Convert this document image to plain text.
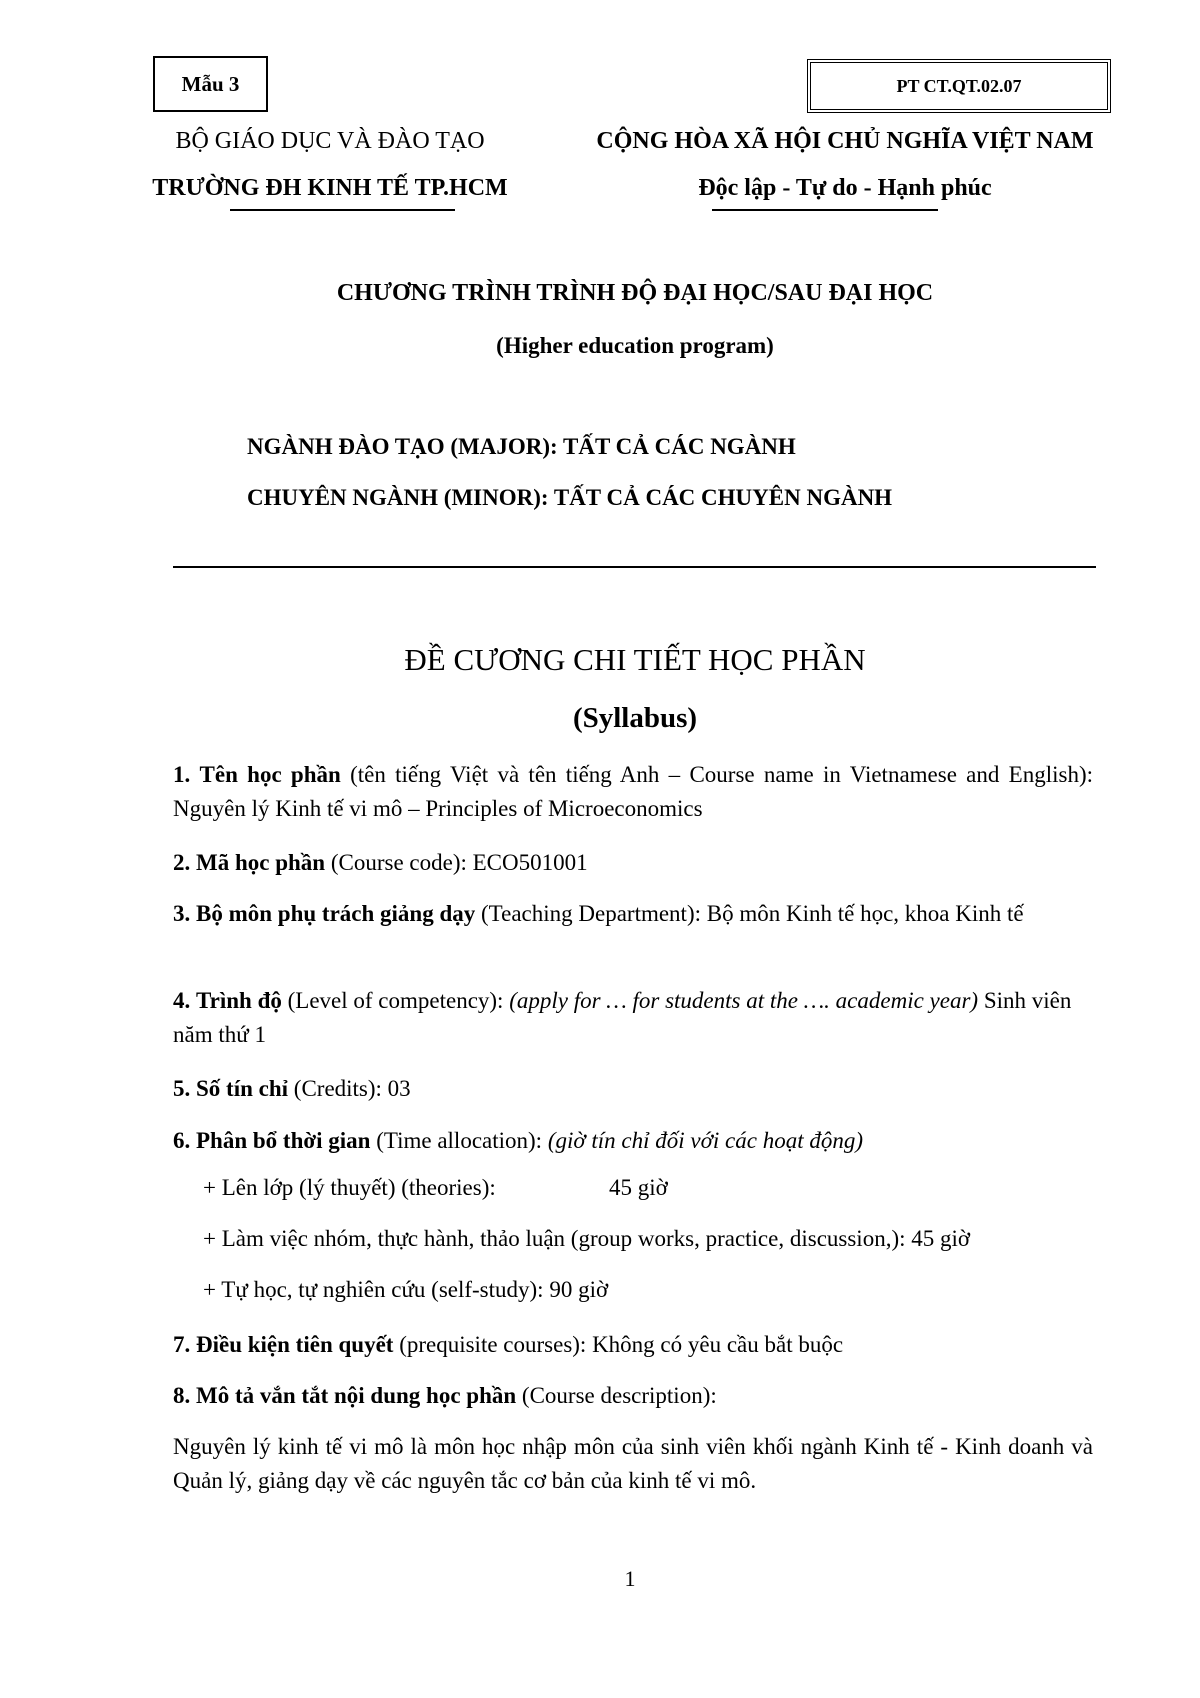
Mẫu 3	PT CT.QT.02.07
BỘ GIÁO DỤC VÀ ĐÀO TẠO
TRƯỜNG ĐH KINH TẾ TP.HCM
CỘNG HÒA XÃ HỘI CHỦ NGHĨA VIỆT NAM
Độc lập - Tự do - Hạnh phúc
CHƯƠNG TRÌNH TRÌNH ĐỘ ĐẠI HỌC/SAU ĐẠI HỌC
(Higher education program)
NGÀNH ĐÀO TẠO (MAJOR): TẤT CẢ CÁC NGÀNH
CHUYÊN NGÀNH (MINOR): TẤT CẢ CÁC CHUYÊN NGÀNH
ĐỀ CƯƠNG CHI TIẾT HỌC PHẦN
(Syllabus)
1. Tên học phần (tên tiếng Việt và tên tiếng Anh – Course name in Vietnamese and English): Nguyên lý Kinh tế vi mô – Principles of Microeconomics
2. Mã học phần (Course code): ECO501001
3. Bộ môn phụ trách giảng dạy (Teaching Department): Bộ môn Kinh tế học, khoa Kinh tế
4. Trình độ (Level of competency): (apply for … for students at the …. academic year) Sinh viên năm thứ 1
5. Số tín chỉ (Credits): 03
6. Phân bổ thời gian (Time allocation): (giờ tín chỉ đối với các hoạt động)
+ Lên lớp (lý thuyết) (theories):	45 giờ
+ Làm việc nhóm, thực hành, thảo luận (group works, practice, discussion,): 45 giờ
+ Tự học, tự nghiên cứu (self-study): 90 giờ
7. Điều kiện tiên quyết (prequisite courses): Không có yêu cầu bắt buộc
8. Mô tả vắn tắt nội dung học phần (Course description):
Nguyên lý kinh tế vi mô là môn học nhập môn của sinh viên khối ngành Kinh tế - Kinh doanh và Quản lý, giảng dạy về các nguyên tắc cơ bản của kinh tế vi mô.
1
